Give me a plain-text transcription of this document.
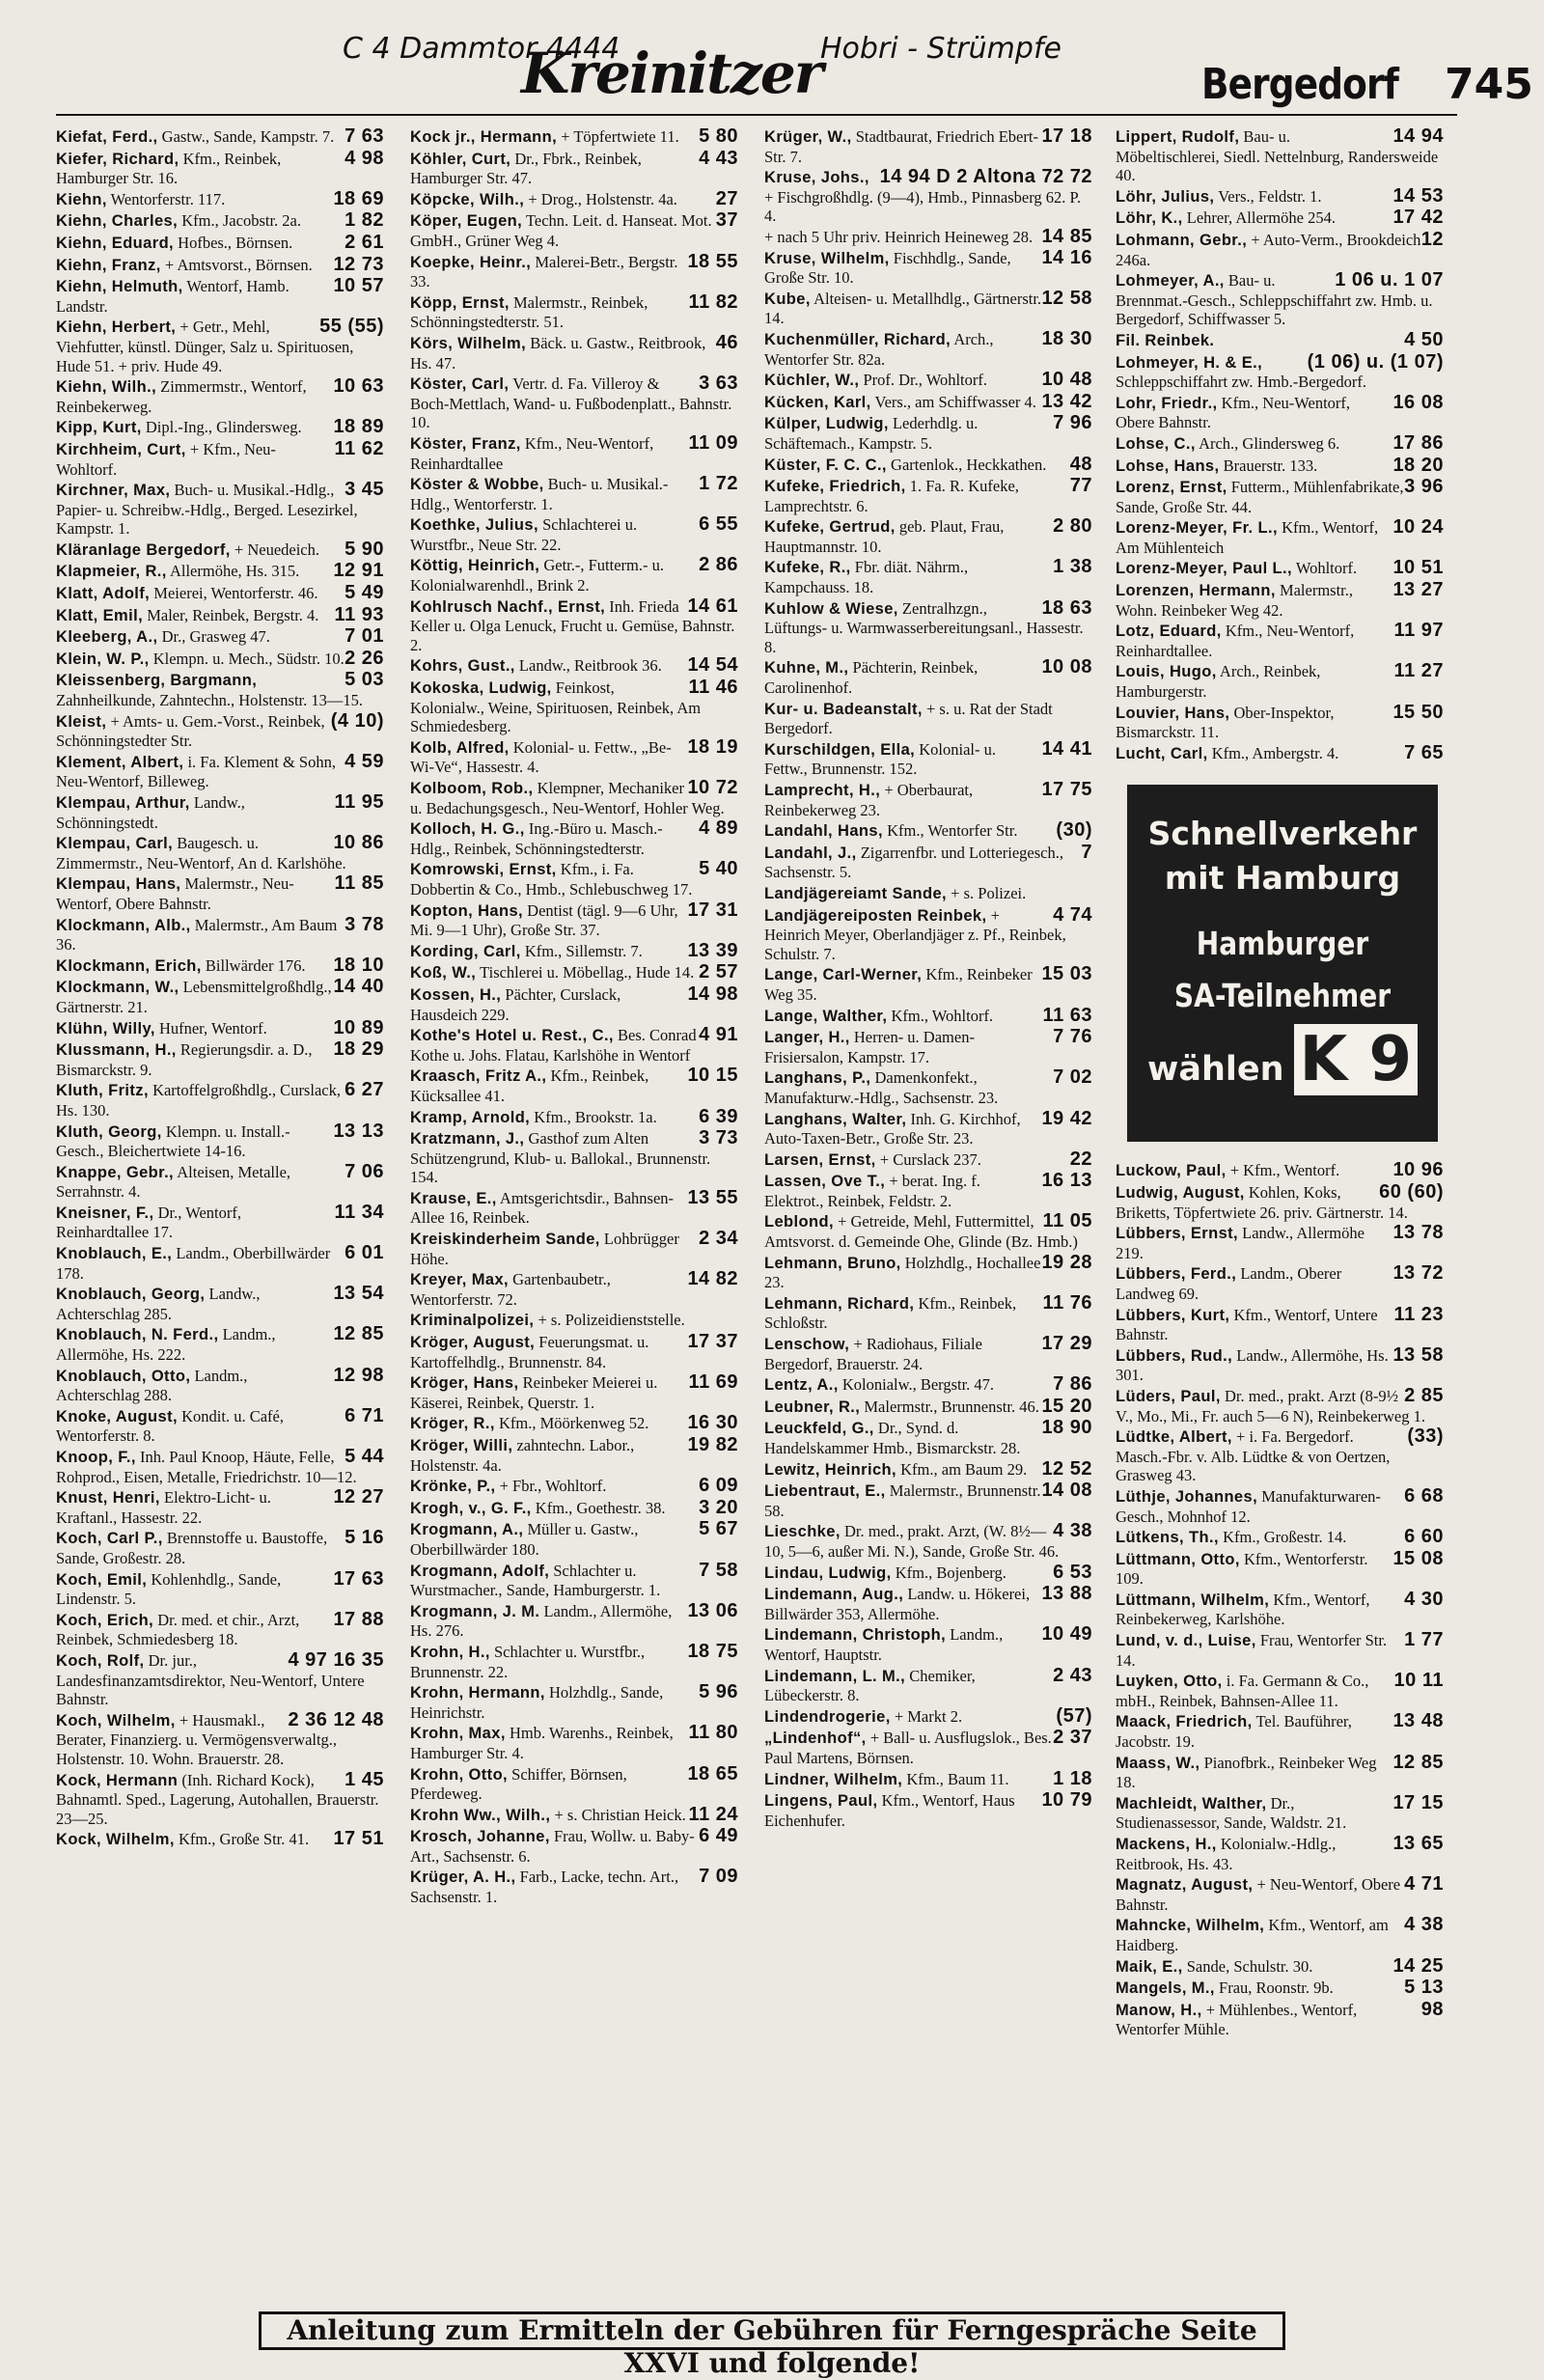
C 4 Dammtor 4444
Kreinitzer
Hobri - Strümpfe
Bergedorf 745
7 63
Kiefat, Ferd., Gastw., Sande, Kampstr. 7.
4 98
Kiefer, Richard, Kfm., Reinbek, Hamburger Str. 16.
18 69
Kiehn, Wentorferstr. 117.
1 82
Kiehn, Charles, Kfm., Jacobstr. 2a.
2 61
Kiehn, Eduard, Hofbes., Börnsen.
12 73
Kiehn, Franz, + Amtsvorst., Börnsen.
10 57
Kiehn, Helmuth, Wentorf, Hamb. Landstr.
55 (55)
Kiehn, Herbert, + Getr., Mehl, Viehfutter, künstl. Dünger, Salz u. Spirituosen, Hude 51. + priv. Hude 49.
10 63
Kiehn, Wilh., Zimmermstr., Wentorf, Reinbekerweg.
18 89
Kipp, Kurt, Dipl.-Ing., Glindersweg.
11 62
Kirchheim, Curt, + Kfm., Neu-Wohltorf.
3 45
Kirchner, Max, Buch- u. Musikal.-Hdlg., Papier- u. Schreibw.-Hdlg., Berged. Lesezirkel, Kampstr. 1.
5 90
Kläranlage Bergedorf, + Neuedeich.
12 91
Klapmeier, R., Allermöhe, Hs. 315.
5 49
Klatt, Adolf, Meierei, Wentorferstr. 46.
11 93
Klatt, Emil, Maler, Reinbek, Bergstr. 4.
7 01
Kleeberg, A., Dr., Grasweg 47.
2 26
Klein, W. P., Klempn. u. Mech., Südstr. 10.
5 03
Kleissenberg, Bargmann, Zahnheilkunde, Zahntechn., Holstenstr. 13—15.
(4 10)
Kleist, + Amts- u. Gem.-Vorst., Reinbek, Schönningstedter Str.
4 59
Klement, Albert, i. Fa. Klement & Sohn, Neu-Wentorf, Billeweg.
11 95
Klempau, Arthur, Landw., Schönningstedt.
10 86
Klempau, Carl, Baugesch. u. Zimmermstr., Neu-Wentorf, An d. Karlshöhe.
11 85
Klempau, Hans, Malermstr., Neu-Wentorf, Obere Bahnstr.
3 78
Klockmann, Alb., Malermstr., Am Baum 36.
18 10
Klockmann, Erich, Billwärder 176.
14 40
Klockmann, W., Lebensmittelgroßhdlg., Gärtnerstr. 21.
10 89
Klühn, Willy, Hufner, Wentorf.
18 29
Klussmann, H., Regierungsdir. a. D., Bismarckstr. 9.
6 27
Kluth, Fritz, Kartoffelgroßhdlg., Curslack, Hs. 130.
13 13
Kluth, Georg, Klempn. u. Install.-Gesch., Bleichertwiete 14-16.
7 06
Knappe, Gebr., Alteisen, Metalle, Serrahnstr. 4.
11 34
Kneisner, F., Dr., Wentorf, Reinhardtallee 17.
6 01
Knoblauch, E., Landm., Oberbillwärder 178.
13 54
Knoblauch, Georg, Landw., Achterschlag 285.
12 85
Knoblauch, N. Ferd., Landm., Allermöhe, Hs. 222.
12 98
Knoblauch, Otto, Landm., Achterschlag 288.
6 71
Knoke, August, Kondit. u. Café, Wentorferstr. 8.
5 44
Knoop, F., Inh. Paul Knoop, Häute, Felle, Rohprod., Eisen, Metalle, Friedrichstr. 10—12.
12 27
Knust, Henri, Elektro-Licht- u. Kraftanl., Hassestr. 22.
5 16
Koch, Carl P., Brennstoffe u. Baustoffe, Sande, Großestr. 28.
17 63
Koch, Emil, Kohlenhdlg., Sande, Lindenstr. 5.
17 88
Koch, Erich, Dr. med. et chir., Arzt, Reinbek, Schmiedesberg 18.
4 97 16 35
Koch, Rolf, Dr. jur., Landesfinanzamtsdirektor, Neu-Wentorf, Untere Bahnstr.
2 36 12 48
Koch, Wilhelm, + Hausmakl., Berater, Finanzierg. u. Vermögensverwaltg., Holstenstr. 10. Wohn. Brauerstr. 28.
1 45
Kock, Hermann (Inh. Richard Kock), Bahnamtl. Sped., Lagerung, Autohallen, Brauerstr. 23—25.
17 51
Kock, Wilhelm, Kfm., Große Str. 41.
5 80
Kock jr., Hermann, + Töpfertwiete 11.
4 43
Köhler, Curt, Dr., Fbrk., Reinbek, Hamburger Str. 47.
27
Köpcke, Wilh., + Drog., Holstenstr. 4a.
37
Köper, Eugen, Techn. Leit. d. Hanseat. Mot. GmbH., Grüner Weg 4.
18 55
Koepke, Heinr., Malerei-Betr., Bergstr. 33.
11 82
Köpp, Ernst, Malermstr., Reinbek, Schönningstedterstr. 51.
46
Körs, Wilhelm, Bäck. u. Gastw., Reitbrook, Hs. 47.
3 63
Köster, Carl, Vertr. d. Fa. Villeroy & Boch-Mettlach, Wand- u. Fußbodenplatt., Bahnstr. 10.
11 09
Köster, Franz, Kfm., Neu-Wentorf, Reinhardtallee
1 72
Köster & Wobbe, Buch- u. Musikal.-Hdlg., Wentorferstr. 1.
6 55
Koethke, Julius, Schlachterei u. Wurstfbr., Neue Str. 22.
2 86
Köttig, Heinrich, Getr.-, Futterm.- u. Kolonialwarenhdl., Brink 2.
14 61
Kohlrusch Nachf., Ernst, Inh. Frieda Keller u. Olga Lenuck, Frucht u. Gemüse, Bahnstr. 2.
14 54
Kohrs, Gust., Landw., Reitbrook 36.
11 46
Kokoska, Ludwig, Feinkost, Kolonialw., Weine, Spirituosen, Reinbek, Am Schmiedesberg.
18 19
Kolb, Alfred, Kolonial- u. Fettw., „Be-Wi-Ve“, Hassestr. 4.
10 72
Kolboom, Rob., Klempner, Mechaniker u. Bedachungsgesch., Neu-Wentorf, Hohler Weg.
4 89
Kolloch, H. G., Ing.-Büro u. Masch.-Hdlg., Reinbek, Schönningstedterstr.
5 40
Komrowski, Ernst, Kfm., i. Fa. Dobbertin & Co., Hmb., Schlebuschweg 17.
17 31
Kopton, Hans, Dentist (tägl. 9—6 Uhr, Mi. 9—1 Uhr), Große Str. 37.
13 39
Kording, Carl, Kfm., Sillemstr. 7.
2 57
Koß, W., Tischlerei u. Möbellag., Hude 14.
14 98
Kossen, H., Pächter, Curslack, Hausdeich 229.
4 91
Kothe's Hotel u. Rest., C., Bes. Conrad Kothe u. Johs. Flatau, Karlshöhe in Wentorf
10 15
Kraasch, Fritz A., Kfm., Reinbek, Kücksallee 41.
6 39
Kramp, Arnold, Kfm., Brookstr. 1a.
3 73
Kratzmann, J., Gasthof zum Alten Schützengrund, Klub- u. Ballokal., Brunnenstr. 154.
13 55
Krause, E., Amtsgerichtsdir., Bahnsen-Allee 16, Reinbek.
2 34
Kreiskinderheim Sande, Lohbrügger Höhe.
14 82
Kreyer, Max, Gartenbaubetr., Wentorferstr. 72.
Kriminalpolizei, + s. Polizeidienststelle.
17 37
Kröger, August, Feuerungsmat. u. Kartoffelhdlg., Brunnenstr. 84.
11 69
Kröger, Hans, Reinbeker Meierei u. Käserei, Reinbek, Querstr. 1.
16 30
Kröger, R., Kfm., Möörkenweg 52.
19 82
Kröger, Willi, zahntechn. Labor., Holstenstr. 4a.
6 09
Krönke, P., + Fbr., Wohltorf.
3 20
Krogh, v., G. F., Kfm., Goethestr. 38.
5 67
Krogmann, A., Müller u. Gastw., Oberbillwärder 180.
7 58
Krogmann, Adolf, Schlachter u. Wurstmacher., Sande, Hamburgerstr. 1.
13 06
Krogmann, J. M. Landm., Allermöhe, Hs. 276.
18 75
Krohn, H., Schlachter u. Wurstfbr., Brunnenstr. 22.
5 96
Krohn, Hermann, Holzhdlg., Sande, Heinrichstr.
11 80
Krohn, Max, Hmb. Warenhs., Reinbek, Hamburger Str. 4.
18 65
Krohn, Otto, Schiffer, Börnsen, Pferdeweg.
11 24
Krohn Ww., Wilh., + s. Christian Heick.
6 49
Krosch, Johanne, Frau, Wollw. u. Baby-Art., Sachsenstr. 6.
7 09
Krüger, A. H., Farb., Lacke, techn. Art., Sachsenstr. 1.
17 18
Krüger, W., Stadtbaurat, Friedrich Ebert-Str. 7.
14 94 D 2 Altona 72 72
Kruse, Johs., + Fischgroßhdlg. (9—4), Hmb., Pinnasberg 62. P. 4.
14 85
+ nach 5 Uhr priv. Heinrich Heineweg 28.
14 16
Kruse, Wilhelm, Fischhdlg., Sande, Große Str. 10.
12 58
Kube, Alteisen- u. Metallhdlg., Gärtnerstr. 14.
18 30
Kuchenmüller, Richard, Arch., Wentorfer Str. 82a.
10 48
Küchler, W., Prof. Dr., Wohltorf.
13 42
Kücken, Karl, Vers., am Schiffwasser 4.
7 96
Külper, Ludwig, Lederhdlg. u. Schäftemach., Kampstr. 5.
48
Küster, F. C. C., Gartenlok., Heckkathen.
77
Kufeke, Friedrich, 1. Fa. R. Kufeke, Lamprechtstr. 6.
2 80
Kufeke, Gertrud, geb. Plaut, Frau, Hauptmannstr. 10.
1 38
Kufeke, R., Fbr. diät. Nährm., Kampchauss. 18.
18 63
Kuhlow & Wiese, Zentralhzgn., Lüftungs- u. Warmwasserbereitungsanl., Hassestr. 8.
10 08
Kuhne, M., Pächterin, Reinbek, Carolinenhof.
Kur- u. Badeanstalt, + s. u. Rat der Stadt Bergedorf.
14 41
Kurschildgen, Ella, Kolonial- u. Fettw., Brunnenstr. 152.
17 75
Lamprecht, H., + Oberbaurat, Reinbekerweg 23.
(30)
Landahl, Hans, Kfm., Wentorfer Str.
7
Landahl, J., Zigarrenfbr. und Lotteriegesch., Sachsenstr. 5.
Landjägereiamt Sande, + s. Polizei.
4 74
Landjägereiposten Reinbek, + Heinrich Meyer, Oberlandjäger z. Pf., Reinbek, Schulstr. 7.
15 03
Lange, Carl-Werner, Kfm., Reinbeker Weg 35.
11 63
Lange, Walther, Kfm., Wohltorf.
7 76
Langer, H., Herren- u. Damen-Frisiersalon, Kampstr. 17.
7 02
Langhans, P., Damenkonfekt., Manufakturw.-Hdlg., Sachsenstr. 23.
19 42
Langhans, Walter, Inh. G. Kirchhof, Auto-Taxen-Betr., Große Str. 23.
22
Larsen, Ernst, + Curslack 237.
16 13
Lassen, Ove T., + berat. Ing. f. Elektrot., Reinbek, Feldstr. 2.
11 05
Leblond, + Getreide, Mehl, Futtermittel, Amtsvorst. d. Gemeinde Ohe, Glinde (Bz. Hmb.)
19 28
Lehmann, Bruno, Holzhdlg., Hochallee 23.
11 76
Lehmann, Richard, Kfm., Reinbek, Schloßstr.
17 29
Lenschow, + Radiohaus, Filiale Bergedorf, Brauerstr. 24.
7 86
Lentz, A., Kolonialw., Bergstr. 47.
15 20
Leubner, R., Malermstr., Brunnenstr. 46.
18 90
Leuckfeld, G., Dr., Synd. d. Handelskammer Hmb., Bismarckstr. 28.
12 52
Lewitz, Heinrich, Kfm., am Baum 29.
14 08
Liebentraut, E., Malermstr., Brunnenstr. 58.
4 38
Lieschke, Dr. med., prakt. Arzt, (W. 8½—10, 5—6, außer Mi. N.), Sande, Große Str. 46.
6 53
Lindau, Ludwig, Kfm., Bojenberg.
13 88
Lindemann, Aug., Landw. u. Hökerei, Billwärder 353, Allermöhe.
10 49
Lindemann, Christoph, Landm., Wentorf, Hauptstr.
2 43
Lindemann, L. M., Chemiker, Lübeckerstr. 8.
(57)
Lindendrogerie, + Markt 2.
2 37
„Lindenhof“, + Ball- u. Ausflugslok., Bes. Paul Martens, Börnsen.
1 18
Lindner, Wilhelm, Kfm., Baum 11.
10 79
Lingens, Paul, Kfm., Wentorf, Haus Eichenhufer.
14 94
Lippert, Rudolf, Bau- u. Möbeltischlerei, Siedl. Nettelnburg, Randersweide 40.
14 53
Löhr, Julius, Vers., Feldstr. 1.
17 42
Löhr, K., Lehrer, Allermöhe 254.
12
Lohmann, Gebr., + Auto-Verm., Brookdeich 246a.
1 06 u. 1 07
Lohmeyer, A., Bau- u. Brennmat.-Gesch., Schleppschiffahrt zw. Hmb. u. Bergedorf, Schiffwasser 5.
4 50
Fil. Reinbek.
(1 06) u. (1 07)
Lohmeyer, H. & E., Schleppschiffahrt zw. Hmb.-Bergedorf.
16 08
Lohr, Friedr., Kfm., Neu-Wentorf, Obere Bahnstr.
17 86
Lohse, C., Arch., Glindersweg 6.
18 20
Lohse, Hans, Brauerstr. 133.
3 96
Lorenz, Ernst, Futterm., Mühlenfabrikate, Sande, Große Str. 44.
10 24
Lorenz-Meyer, Fr. L., Kfm., Wentorf, Am Mühlenteich
10 51
Lorenz-Meyer, Paul L., Wohltorf.
13 27
Lorenzen, Hermann, Malermstr., Wohn. Reinbeker Weg 42.
11 97
Lotz, Eduard, Kfm., Neu-Wentorf, Reinhardtallee.
11 27
Louis, Hugo, Arch., Reinbek, Hamburgerstr.
15 50
Louvier, Hans, Ober-Inspektor, Bismarckstr. 11.
7 65
Lucht, Carl, Kfm., Ambergstr. 4.
Schnellverkehr
mit Hamburg
Hamburger
SA-Teilnehmer
wählen K 9
10 96
Luckow, Paul, + Kfm., Wentorf.
60 (60)
Ludwig, August, Kohlen, Koks, Briketts, Töpfertwiete 26. priv. Gärtnerstr. 14.
13 78
Lübbers, Ernst, Landw., Allermöhe 219.
13 72
Lübbers, Ferd., Landm., Oberer Landweg 69.
11 23
Lübbers, Kurt, Kfm., Wentorf, Untere Bahnstr.
13 58
Lübbers, Rud., Landw., Allermöhe, Hs. 301.
2 85
Lüders, Paul, Dr. med., prakt. Arzt (8-9½ V., Mo., Mi., Fr. auch 5—6 N), Reinbekerweg 1.
(33)
Lüdtke, Albert, + i. Fa. Bergedorf. Masch.-Fbr. v. Alb. Lüdtke & von Oertzen, Grasweg 43.
6 68
Lüthje, Johannes, Manufakturwaren-Gesch., Mohnhof 12.
6 60
Lütkens, Th., Kfm., Großestr. 14.
15 08
Lüttmann, Otto, Kfm., Wentorferstr. 109.
4 30
Lüttmann, Wilhelm, Kfm., Wentorf, Reinbekerweg, Karlshöhe.
1 77
Lund, v. d., Luise, Frau, Wentorfer Str. 14.
10 11
Luyken, Otto, i. Fa. Germann & Co., mbH., Reinbek, Bahnsen-Allee 11.
13 48
Maack, Friedrich, Tel. Bauführer, Jacobstr. 19.
12 85
Maass, W., Pianofbrk., Reinbeker Weg 18.
17 15
Machleidt, Walther, Dr., Studienassessor, Sande, Waldstr. 21.
13 65
Mackens, H., Kolonialw.-Hdlg., Reitbrook, Hs. 43.
4 71
Magnatz, August, + Neu-Wentorf, Obere Bahnstr.
4 38
Mahncke, Wilhelm, Kfm., Wentorf, am Haidberg.
14 25
Maik, E., Sande, Schulstr. 30.
5 13
Mangels, M., Frau, Roonstr. 9b.
98
Manow, H., + Mühlenbes., Wentorf, Wentorfer Mühle.
Anleitung zum Ermitteln der Gebühren für Ferngespräche Seite XXVI und folgende!
